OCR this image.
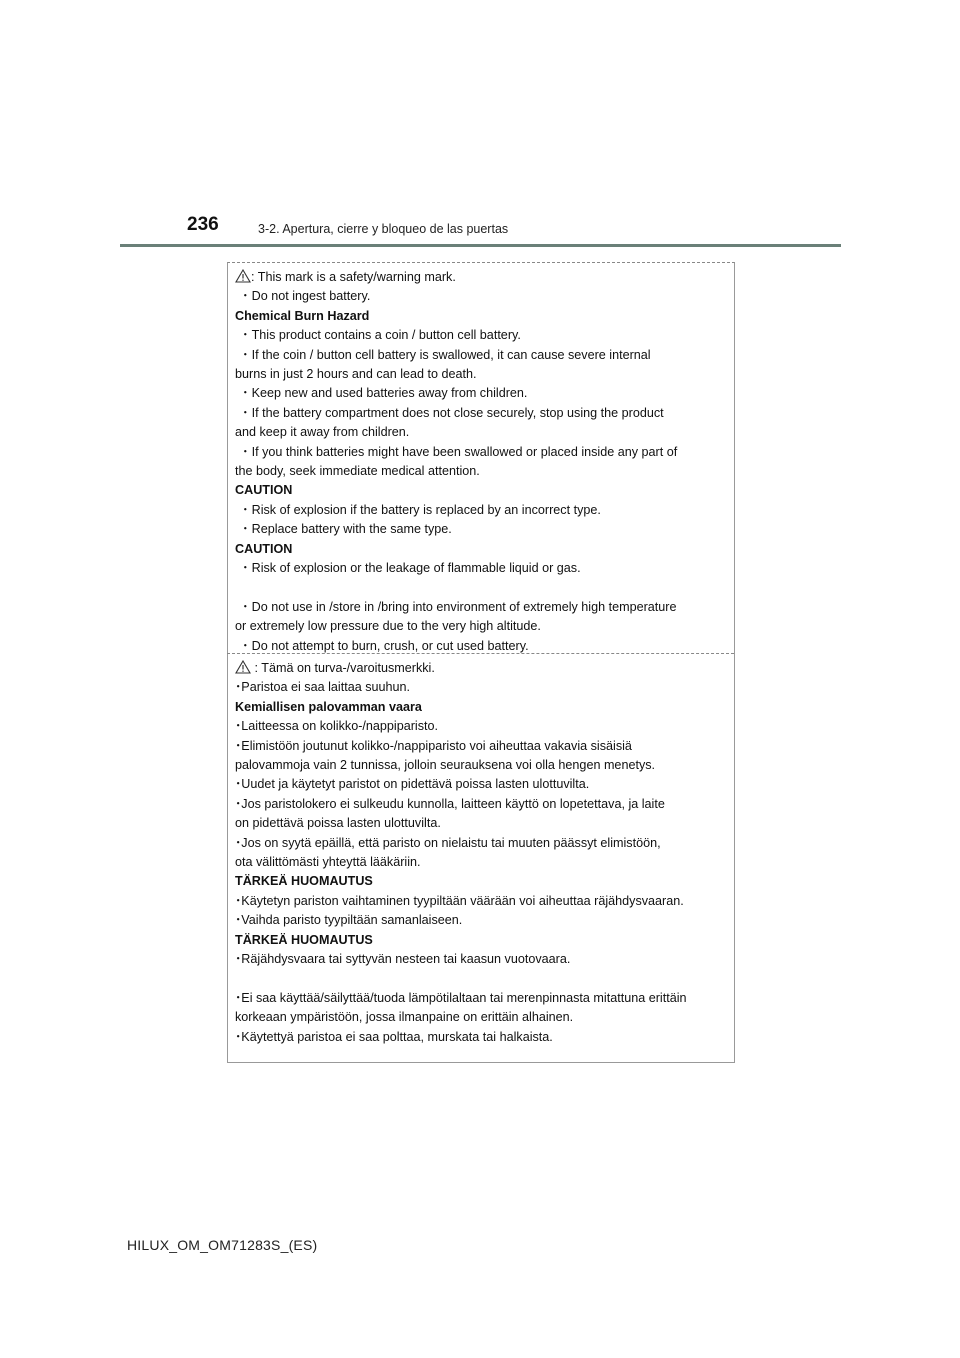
236	3-2. Apertura, cierre y bloqueo de las puertas
: This mark is a safety/warning mark.
・Do not ingest battery.
Chemical Burn Hazard
・This product contains a coin / button cell battery.
・If the coin / button cell battery is swallowed, it can cause severe internal
burns in just 2 hours and can lead to death.
・Keep new and used batteries away from children.
・If the battery compartment does not close securely, stop using the product
and keep it away from children.
・If you think batteries might have been swallowed or placed inside any part of
the body, seek immediate medical attention.
CAUTION
・Risk of explosion if the battery is replaced by an incorrect type.
・Replace battery with the same type.
CAUTION
・Risk of explosion or the leakage of flammable liquid or gas.
・Do not use in /store in /bring into environment of extremely high temperature
or extremely low pressure due to the very high altitude.
・Do not attempt to burn, crush, or cut used battery.
: Tämä on turva-/varoitusmerkki.
･Paristoa ei saa laittaa suuhun.
Kemiallisen palovamman vaara
･Laitteessa on kolikko-/nappiparisto.
･Elimistöön joutunut kolikko-/nappiparisto voi aiheuttaa vakavia sisäisiä
palovammoja vain 2 tunnissa, jolloin seurauksena voi olla hengen menetys.
･Uudet ja käytetyt paristot on pidettävä poissa lasten ulottuvilta.
･Jos paristolokero ei sulkeudu kunnolla, laitteen käyttö on lopetettava, ja laite
on pidettävä poissa lasten ulottuvilta.
･Jos on syytä epäillä, että paristo on nielaistu tai muuten päässyt elimistöön,
ota välittömästi yhteyttä lääkäriin.
TÄRKEÄ HUOMAUTUS
･Käytetyn pariston vaihtaminen tyypiltään väärään voi aiheuttaa räjähdysvaaran.
･Vaihda paristo tyypiltään samanlaiseen.
TÄRKEÄ HUOMAUTUS
･Räjähdysvaara tai syttyvän nesteen tai kaasun vuotovaara.
･Ei saa käyttää/säilyttää/tuoda lämpötilaltaan tai merenpinnasta mitattuna erittäin
korkeaan ympäristöön, jossa ilmanpaine on erittäin alhainen.
･Käytettyä paristoa ei saa polttaa, murskata tai halkaista.
HILUX_OM_OM71283S_(ES)
